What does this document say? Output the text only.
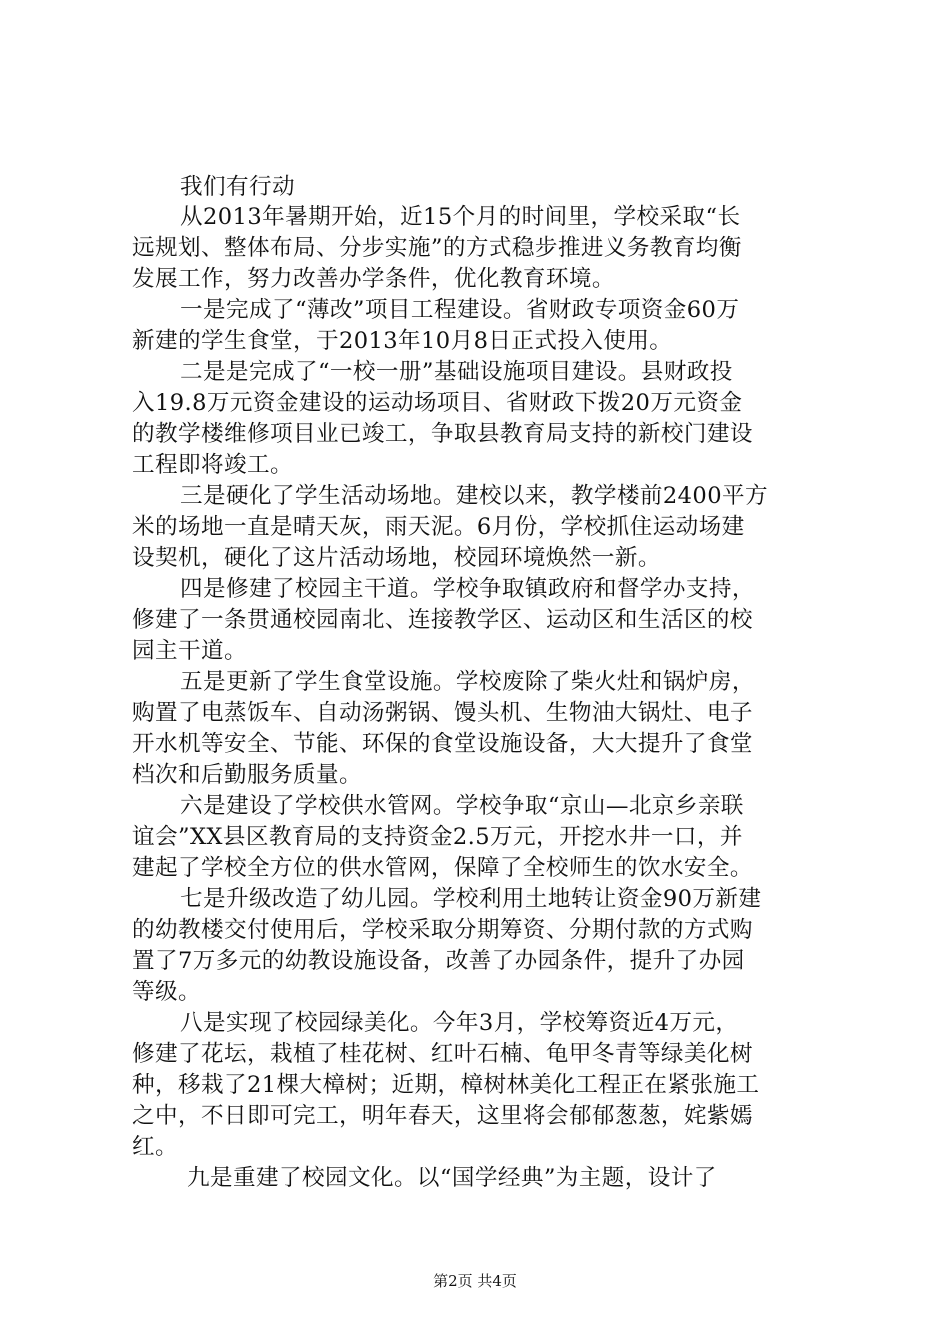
我们有行动
从2013年暑期开始，近15个月的时间里，学校采取“长
远规划、整体布局、分步实施”的方式稳步推进义务教育均衡
发展工作，努力改善办学条件，优化教育环境。
一是完成了“薄改”项目工程建设。省财政专项资金60万
新建的学生食堂，于2013年10月8日正式投入使用。
二是是完成了“一校一册”基础设施项目建设。县财政投
入19.8万元资金建设的运动场项目、省财政下拨20万元资金
的教学楼维修项目业已竣工，争取县教育局支持的新校门建设
工程即将竣工。
三是硬化了学生活动场地。建校以来，教学楼前2400平方
米的场地一直是晴天灰，雨天泥。6月份，学校抓住运动场建
设契机，硬化了这片活动场地，校园环境焕然一新。
四是修建了校园主干道。学校争取镇政府和督学办支持，
修建了一条贯通校园南北、连接教学区、运动区和生活区的校
园主干道。
五是更新了学生食堂设施。学校废除了柴火灶和锅炉房，
购置了电蒸饭车、自动汤粥锅、馒头机、生物油大锅灶、电子
开水机等安全、节能、环保的食堂设施设备，大大提升了食堂
档次和后勤服务质量。
六是建设了学校供水管网。学校争取“京山—北京乡亲联
谊会”XX县区教育局的支持资金2.5万元，开挖水井一口，并
建起了学校全方位的供水管网，保障了全校师生的饮水安全。
七是升级改造了幼儿园。学校利用土地转让资金90万新建
的幼教楼交付使用后，学校采取分期筹资、分期付款的方式购
置了7万多元的幼教设施设备，改善了办园条件，提升了办园
等级。
八是实现了校园绿美化。今年3月，学校筹资近4万元，
修建了花坛，栽植了桂花树、红叶石楠、龟甲冬青等绿美化树
种，移栽了21棵大樟树；近期，樟树林美化工程正在紧张施工
之中，不日即可完工，明年春天，这里将会郁郁葱葱，姹紫嫣
红。
九是重建了校园文化。以“国学经典”为主题，设计了
第2页 共4页
